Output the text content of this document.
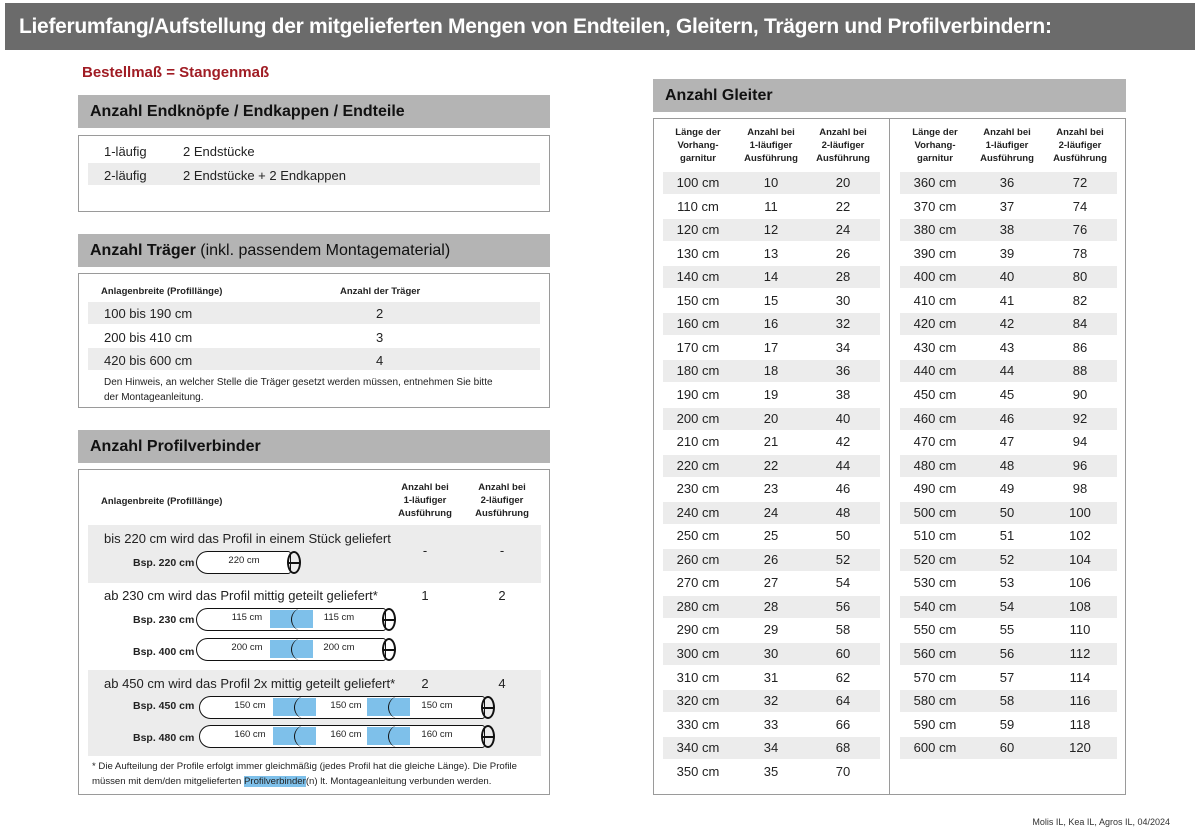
Lieferumfang/Aufstellung der mitgelieferten Mengen von Endteilen, Gleitern, Trägern und Profilverbindern:
Bestellmaß = Stangenmaß
Anzahl Endknöpfe / Endkappen / Endteile
1-läufig	2 Endstücke
2-läufig	2 Endstücke + 2 Endkappen
Anzahl Träger (inkl. passendem Montagematerial)
Anlagenbreite (Profillänge)	Anzahl der Träger
100 bis 190 cm	2
200 bis 410 cm	3
420 bis 600 cm	4
Den Hinweis, an welcher Stelle die Träger gesetzt werden müssen, entnehmen Sie bitte
der Montageanleitung.
Anzahl Profilverbinder
Anlagenbreite (Profillänge)
Anzahl bei
1-läufiger
Ausführung
Anzahl bei
2-läufiger
Ausführung
bis 220 cm wird das Profil in einem Stück geliefert
-	-
Bsp. 220 cm	220 cm
ab 230 cm wird das Profil mittig geteilt geliefert*	1	2
Bsp. 230 cm	115 cm	115 cm
Bsp. 400 cm	200 cm	200 cm
ab 450 cm wird das Profil 2x mittig geteilt geliefert*	2	4
Bsp. 450 cm	150 cm	150 cm	150 cm
Bsp. 480 cm	160 cm	160 cm	160 cm
* Die Aufteilung der Profile erfolgt immer gleichmäßig (jedes Profil hat die gleiche Länge). Die Profile
müssen mit dem/den mitgelieferten Profilverbinder(n) lt. Montageanleitung verbunden werden.
Anzahl Gleiter
Länge der
Vorhang-
garnitur
Anzahl bei
1-läufiger
Ausführung
Anzahl bei
2-läufiger
Ausführung
Länge der
Vorhang-
garnitur
Anzahl bei
1-läufiger
Ausführung
Anzahl bei
2-läufiger
Ausführung
100 cm	10	20
110 cm	11	22
120 cm	12	24
130 cm	13	26
140 cm	14	28
150 cm	15	30
160 cm	16	32
170 cm	17	34
180 cm	18	36
190 cm	19	38
200 cm	20	40
210 cm	21	42
220 cm	22	44
230 cm	23	46
240 cm	24	48
250 cm	25	50
260 cm	26	52
270 cm	27	54
280 cm	28	56
290 cm	29	58
300 cm	30	60
310 cm	31	62
320 cm	32	64
330 cm	33	66
340 cm	34	68
350 cm	35	70
360 cm	36	72
370 cm	37	74
380 cm	38	76
390 cm	39	78
400 cm	40	80
410 cm	41	82
420 cm	42	84
430 cm	43	86
440 cm	44	88
450 cm	45	90
460 cm	46	92
470 cm	47	94
480 cm	48	96
490 cm	49	98
500 cm	50	100
510 cm	51	102
520 cm	52	104
530 cm	53	106
540 cm	54	108
550 cm	55	110
560 cm	56	112
570 cm	57	114
580 cm	58	116
590 cm	59	118
600 cm	60	120
Molis IL, Kea IL, Agros IL, 04/2024
